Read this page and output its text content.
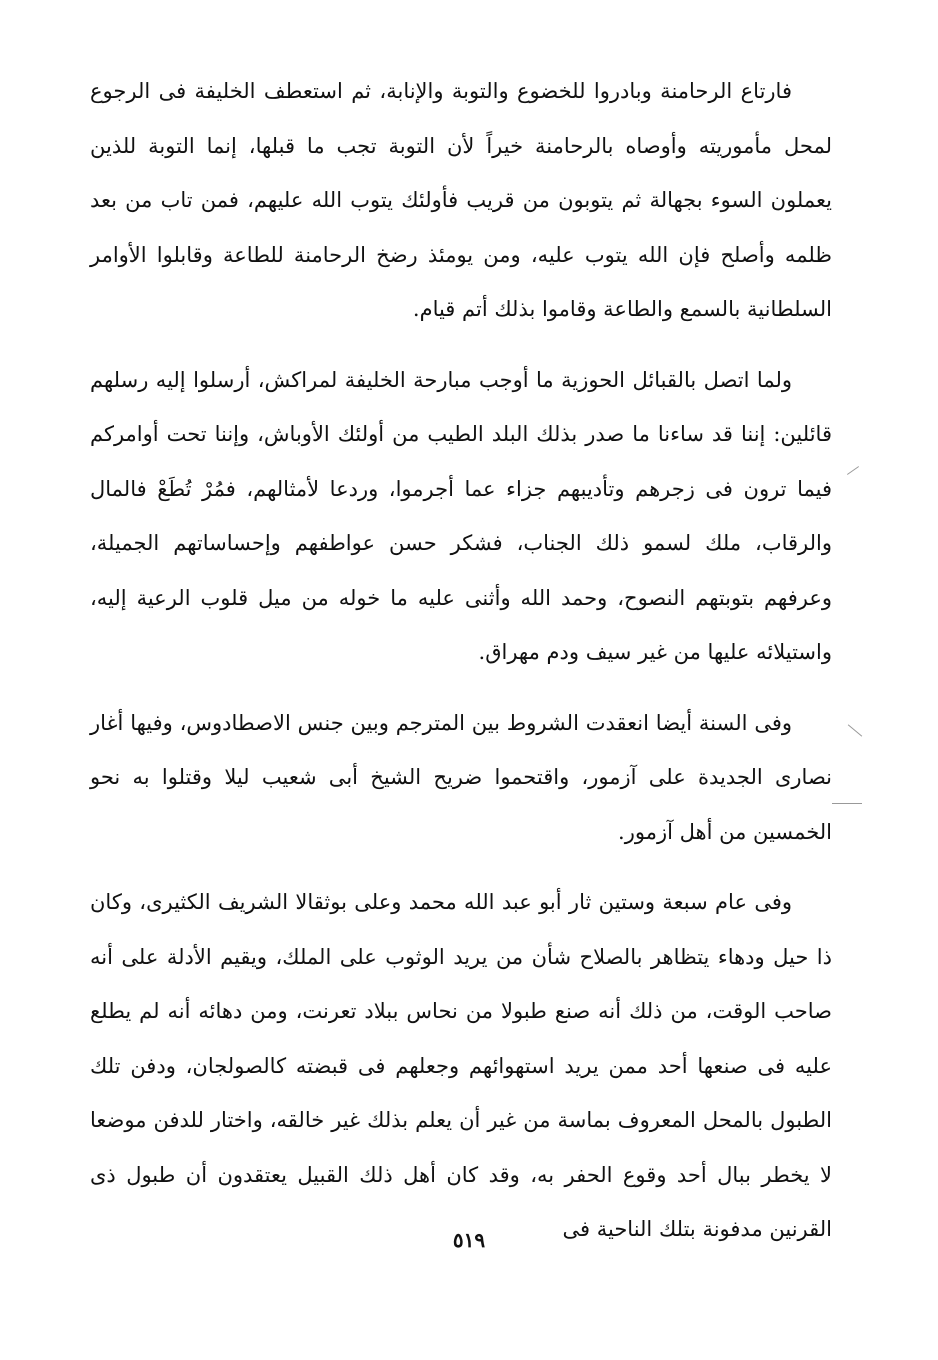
فارتاع الرحامنة وبادروا للخضوع والتوبة والإنابة، ثم استعطف الخليفة فى الرجوع لمحل مأموريته وأوصاه بالرحامنة خيراً لأن التوبة تجب ما قبلها، إنما التوبة للذين يعملون السوء بجهالة ثم يتوبون من قريب فأولئك يتوب الله عليهم، فمن تاب من بعد ظلمه وأصلح فإن الله يتوب عليه، ومن يومئذ رضخ الرحامنة للطاعة وقابلوا الأوامر السلطانية بالسمع والطاعة وقاموا بذلك أتم قيام.

ولما اتصل بالقبائل الحوزية ما أوجب مبارحة الخليفة لمراكش، أرسلوا إليه رسلهم قائلين: إننا قد ساءنا ما صدر بذلك البلد الطيب من أولئك الأوباش، وإننا تحت أوامركم فيما ترون فى زجرهم وتأديبهم جزاء عما أجرموا، وردعا لأمثالهم، فمُرْ تُطَعْ فالمال والرقاب، ملك لسمو ذلك الجناب، فشكر حسن عواطفهم وإحساساتهم الجميلة، وعرفهم بتوبتهم النصوح، وحمد الله وأثنى عليه ما خوله من ميل قلوب الرعية إليه، واستيلائه عليها من غير سيف ودم مهراق.

وفى السنة أيضا انعقدت الشروط بين المترجم وبين جنس الاصطادوس، وفيها أغار نصارى الجديدة على آزمور، واقتحموا ضريح الشيخ أبى شعيب ليلا وقتلوا به نحو الخمسين من أهل آزمور.

وفى عام سبعة وستين ثار أبو عبد الله محمد وعلى بوثقالا الشريف الكثيرى، وكان ذا حيل ودهاء يتظاهر بالصلاح شأن من يريد الوثوب على الملك، ويقيم الأدلة على أنه صاحب الوقت، من ذلك أنه صنع طبولا من نحاس ببلاد تعرنت، ومن دهائه أنه لم يطلع عليه فى صنعها أحد ممن يريد استهوائهم وجعلهم فى قبضته كالصولجان، ودفن تلك الطبول بالمحل المعروف بماسة من غير أن يعلم بذلك غير خالقه، واختار للدفن موضعا لا يخطر ببال أحد وقوع الحفر به، وقد كان أهل ذلك القبيل يعتقدون أن طبول ذى القرنين مدفونة بتلك الناحية فى

٥١٩
